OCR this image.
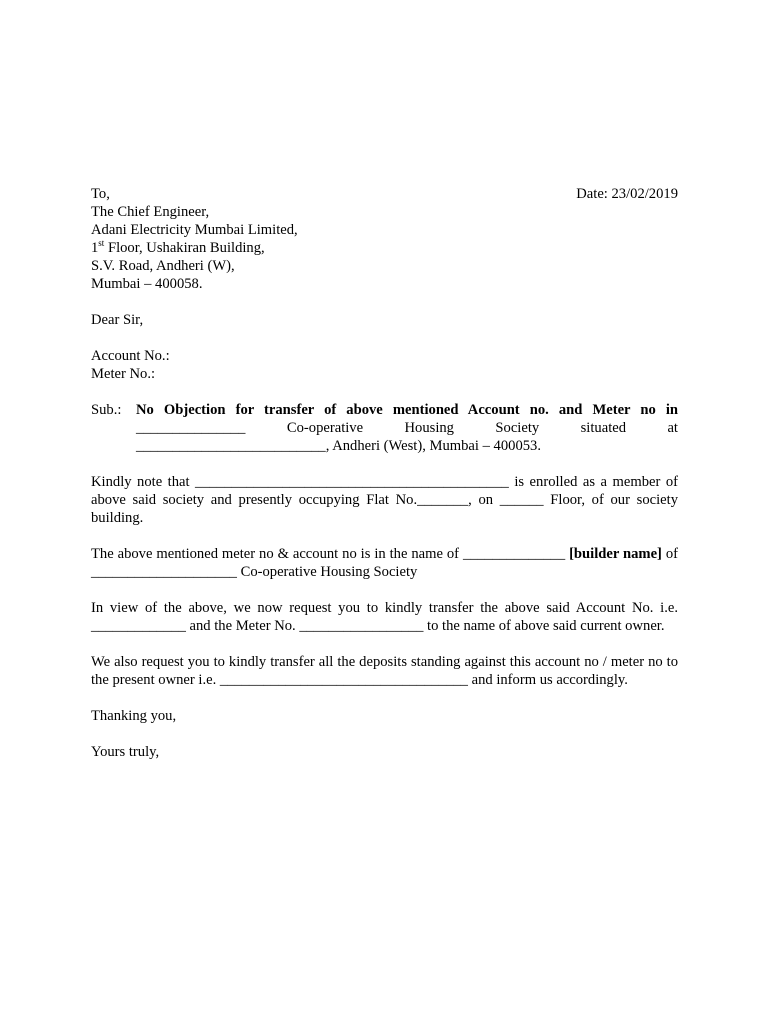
To,	Date: 23/02/2019
The Chief Engineer,
Adani Electricity Mumbai Limited,
1st Floor, Ushakiran Building,
S.V. Road, Andheri (W),
Mumbai – 400058.
Dear Sir,
Account No.:
Meter No.:
Sub.: No Objection for transfer of above mentioned Account no. and Meter no in
_______________ Co-operative Housing Society situated at
__________________________, Andheri (West), Mumbai – 400053.

Kindly note that ___________________________________________ is enrolled as a member of above said society and presently occupying Flat No._______, on ______ Floor, of our society building.

The above mentioned meter no & account no is in the name of ______________ [builder name] of ____________________ Co-operative Housing Society

In view of the above, we now request you to kindly transfer the above said Account No. i.e. _____________ and the Meter No. _________________ to the name of above said current owner.

We also request you to kindly transfer all the deposits standing against this account no / meter no to the present owner i.e. __________________________________ and inform us accordingly.

Thanking you,
Yours truly,
